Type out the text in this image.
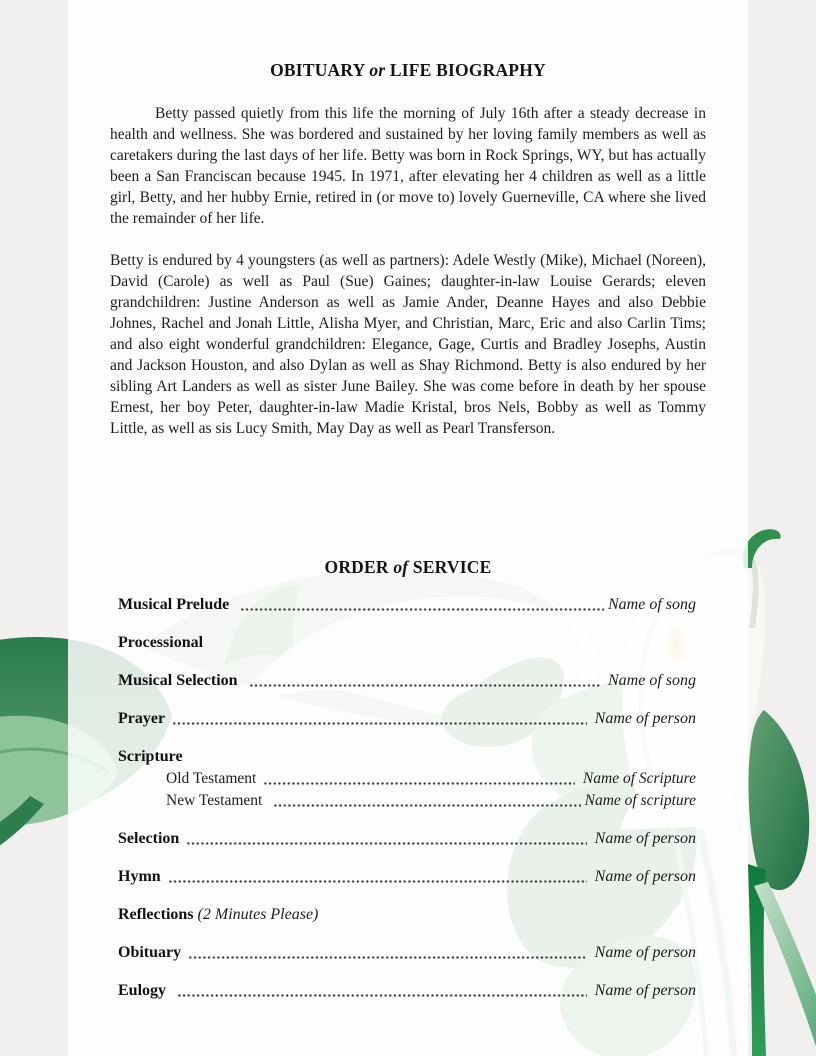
OBITUARY or LIFE BIOGRAPHY

Betty passed quietly from this life the morning of July 16th after a steady decrease in health and wellness. She was bordered and sustained by her loving family members as well as caretakers during the last days of her life. Betty was born in Rock Springs, WY, but has actually been a San Franciscan because 1945. In 1971, after elevating her 4 children as well as a little girl, Betty, and her hubby Ernie, retired in (or move to) lovely Guerneville, CA where she lived the remainder of her life.

Betty is endured by 4 youngsters (as well as partners): Adele Westly (Mike), Michael (Noreen), David (Carole) as well as Paul (Sue) Gaines; daughter-in-law Louise Gerards; eleven grandchildren: Justine Anderson as well as Jamie Ander, Deanne Hayes and also Debbie Johnes, Rachel and Jonah Little, Alisha Myer, and Christian, Marc, Eric and also Carlin Tims; and also eight wonderful grandchildren: Elegance, Gage, Curtis and Bradley Josephs, Austin and Jackson Houston, and also Dylan as well as Shay Richmond. Betty is also endured by her sibling Art Landers as well as sister June Bailey. She was come before in death by her spouse Ernest, her boy Peter, daughter-in-law Madie Kristal, bros Nels, Bobby as well as Tommy Little, as well as sis Lucy Smith, May Day as well as Pearl Transferson.

ORDER of SERVICE
Musical Prelude	Name of song
Processional
Musical Selection	Name of song
Prayer	Name of person
Scripture
Old Testament	Name of Scripture
New Testament	Name of scripture
Selection	Name of person
Hymn	Name of person
Reflections (2 Minutes Please)
Obituary	Name of person
Eulogy	Name of person
